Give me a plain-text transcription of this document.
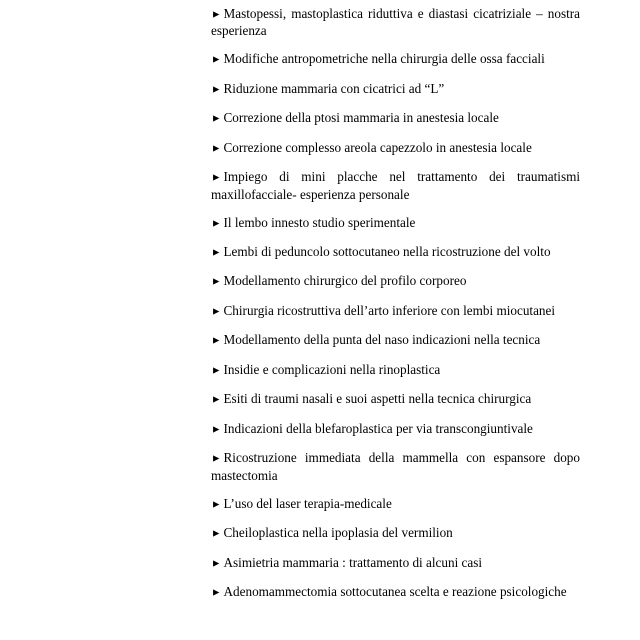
► Mastopessi, mastoplastica riduttiva e diastasi cicatriziale – nostra esperienza

► Modifiche antropometriche nella chirurgia delle ossa facciali

► Riduzione mammaria con cicatrici ad “L”

► Correzione della ptosi mammaria in anestesia locale

► Correzione complesso areola capezzolo in anestesia locale

► Impiego di mini placche nel trattamento dei traumatismi maxillofacciale- esperienza personale

► Il lembo innesto studio sperimentale

► Lembi di peduncolo sottocutaneo nella ricostruzione del volto

► Modellamento chirurgico del profilo corporeo

► Chirurgia ricostruttiva dell’arto inferiore con lembi miocutanei

► Modellamento della punta del naso indicazioni nella tecnica

► Insidie e complicazioni nella rinoplastica

► Esiti di traumi nasali e suoi aspetti nella tecnica chirurgica

► Indicazioni della blefaroplastica per via transcongiuntivale

► Ricostruzione immediata della mammella con espansore dopo mastectomia

► L’uso del laser terapia-medicale

► Cheiloplastica nella ipoplasia del vermilion

► Asimietria mammaria : trattamento di alcuni casi

► Adenomammectomia sottocutanea scelta e reazione psicologiche
